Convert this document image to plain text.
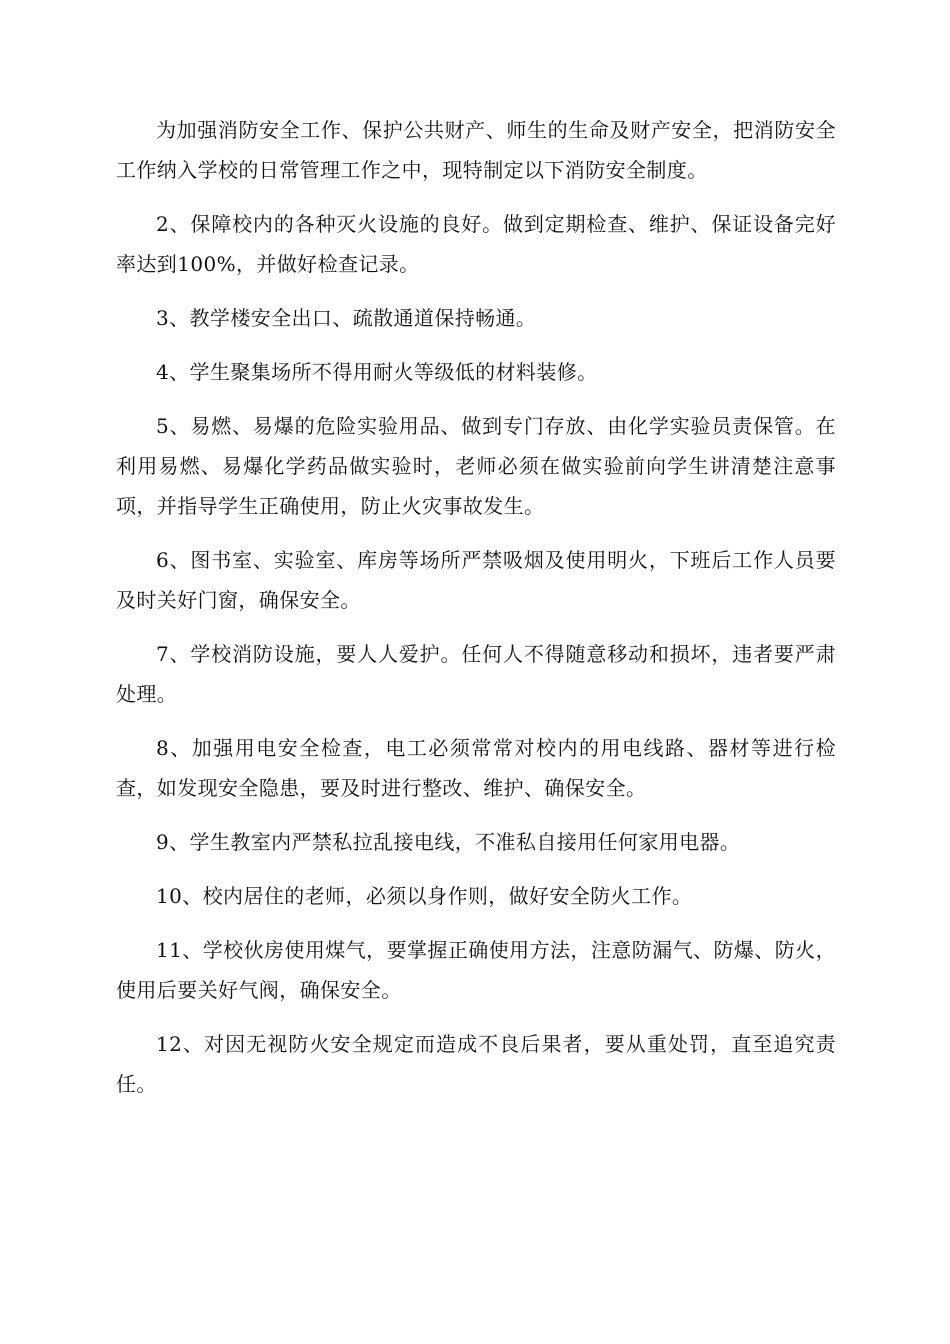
为加强消防安全工作、保护公共财产、师生的生命及财产安全，把消防安全工作纳入学校的日常管理工作之中，现特制定以下消防安全制度。

2、保障校内的各种灭火设施的良好。做到定期检查、维护、保证设备完好率达到100%，并做好检查记录。

3、教学楼安全出口、疏散通道保持畅通。

4、学生聚集场所不得用耐火等级低的材料装修。

5、易燃、易爆的危险实验用品、做到专门存放、由化学实验员责保管。在利用易燃、易爆化学药品做实验时，老师必须在做实验前向学生讲清楚注意事项，并指导学生正确使用，防止火灾事故发生。

6、图书室、实验室、库房等场所严禁吸烟及使用明火，下班后工作人员要及时关好门窗，确保安全。

7、学校消防设施，要人人爱护。任何人不得随意移动和损坏，违者要严肃处理。

8、加强用电安全检查，电工必须常常对校内的用电线路、器材等进行检查，如发现安全隐患，要及时进行整改、维护、确保安全。

9、学生教室内严禁私拉乱接电线，不准私自接用任何家用电器。

10、校内居住的老师，必须以身作则，做好安全防火工作。

11、学校伙房使用煤气，要掌握正确使用方法，注意防漏气、防爆、防火，使用后要关好气阀，确保安全。

12、对因无视防火安全规定而造成不良后果者，要从重处罚，直至追究责任。
